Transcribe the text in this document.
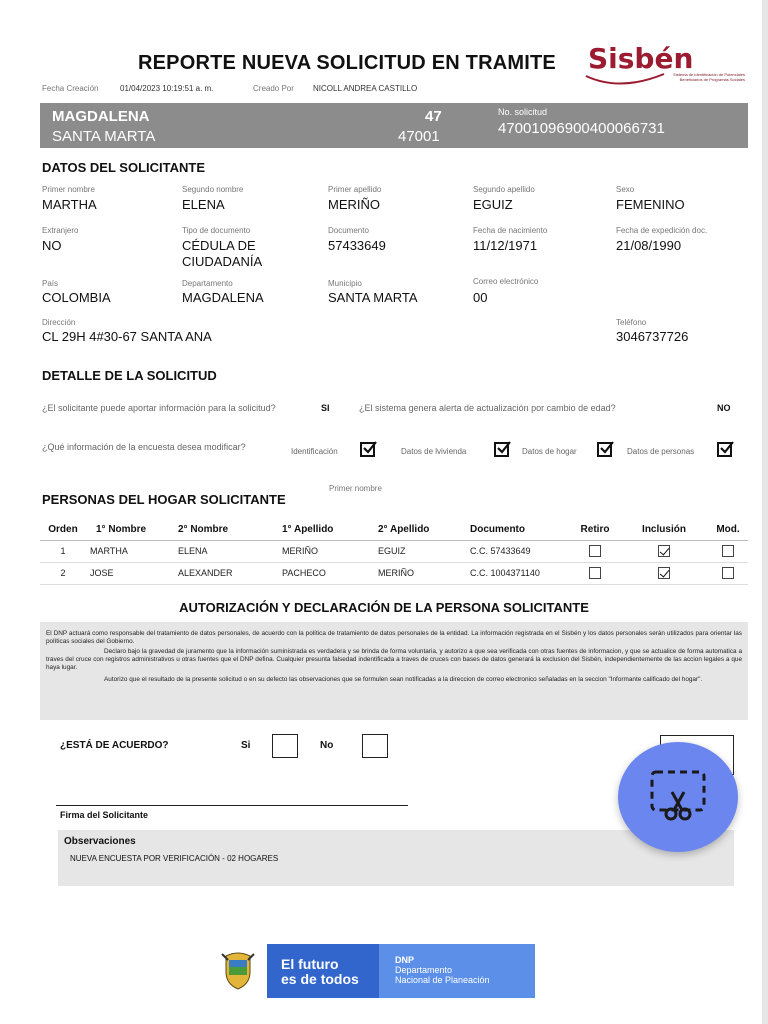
REPORTE NUEVA SOLICITUD EN TRAMITE Sisbén
Sistema de Identificación de Potenciales Beneficiarios de Programas Sociales
Fecha Creación	01/04/2023 10:19:51 a. m.	Creado Por NICOLL ANDREA CASTILLO
MAGDALENA
SANTA MARTA
47
47001
No. solicitud
47001096900400066731
DATOS DEL SOLICITANTE
Primer nombre
MARTHA
Segundo nombre
ELENA
Primer apellido
MERIÑO
Segundo apellido
EGUIZ
Sexo
FEMENINO
Extranjero
NO
Tipo de documento
CÉDULA DE CIUDADANÍA
Documento
57433649
Fecha de nacimiento
11/12/1971
Fecha de expedición doc.
21/08/1990
País
COLOMBIA
Departamento
MAGDALENA
Municipio
SANTA MARTA
Correo electrónico
00
Dirección
CL 29H 4#30-67 SANTA ANA
Teléfono
3046737726
DETALLE DE LA SOLICITUD
¿El solicitante puede aportar información para la solicitud?	SI	¿El sistema genera alerta de actualización por cambio de edad?	NO
¿Qué información de la encuesta desea modificar?	Identificación	Datos de lvivienda	Datos de hogar	Datos de personas
Primer nombre
PERSONAS DEL HOGAR SOLICITANTE
Orden	1° Nombre	2° Nombre	1° Apellido	2° Apellido	Documento	Retiro	Inclusión	Mod.
1	MARTHA	ELENA	MERIÑO	EGUIZ	C.C. 57433649			
2	JOSE	ALEXANDER	PACHECO	MERIÑO	C.C. 1004371140			
AUTORIZACIÓN Y DECLARACIÓN DE LA PERSONA SOLICITANTE

El DNP actuará como responsable del tratamiento de datos personales, de acuerdo con la política de tratamiento de datos personales de la entidad. La información registrada en el Sisbén y los datos personales serán utilizados para orientar las políticas sociales del Gobierno.

Declaro bajo la gravedad de juramento que la información suministrada es verdadera y se brinda de forma voluntaria, y autorizo a que sea verificada con otras fuentes de informacion, y que se actualice de forma automatica a traves del cruce con registros administrativos u otras fuentes que el DNP defina. Cualquier presunta falsedad indentificada a traves de cruces con bases de datos generará la exclusion del Sisbén, independientemente de las accion legales a que haya lugar.

Autorizo que el resultado de la presente solicitud o en su defecto las observaciones que se formulen sean notificadas a la direccion de correo electronico señaladas en la seccion "Informante calificado del hogar".

¿ESTÁ DE ACUERDO?	Si	No
Firma del Solicitante
Observaciones
NUEVA ENCUESTA POR VERIFICACIÓN - 02 HOGARES
El futuro
es de todos
DNP
Departamento
Nacional de Planeación
